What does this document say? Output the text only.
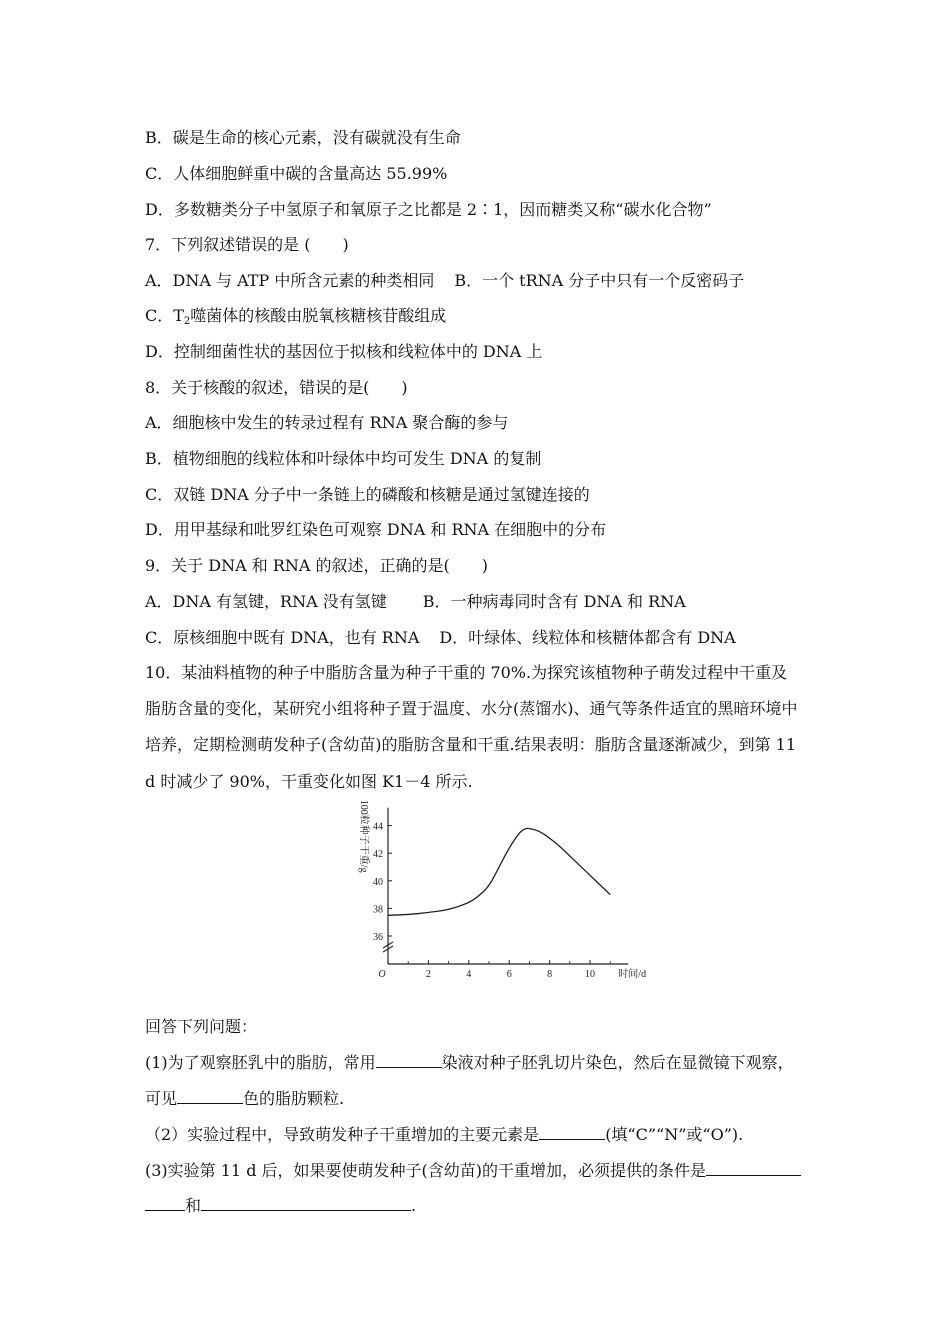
B．碳是生命的核心元素，没有碳就没有生命
C．人体细胞鲜重中碳的含量高达 55.99%
D．多数糖类分子中氢原子和氧原子之比都是 2∶1，因而糖类又称“碳水化合物”
7．下列叙述错误的是 (　　)
A．DNA 与 ATP 中所含元素的种类相同 B．一个 tRNA 分子中只有一个反密码子
C．$T_2$噬菌体的核酸由脱氧核糖核苷酸组成
D．控制细菌性状的基因位于拟核和线粒体中的 DNA 上
8．关于核酸的叙述，错误的是(　　)
A．细胞核中发生的转录过程有 RNA 聚合酶的参与
B．植物细胞的线粒体和叶绿体中均可发生 DNA 的复制
C．双链 DNA 分子中一条链上的磷酸和核糖是通过氢键连接的
D．用甲基绿和吡罗红染色可观察 DNA 和 RNA 在细胞中的分布
9．关于 DNA 和 RNA 的叙述，正确的是(　　)
A．DNA 有氢键，RNA 没有氢键 B．一种病毒同时含有 DNA 和 RNA
C．原核细胞中既有 DNA，也有 RNA D．叶绿体、线粒体和核糖体都含有 DNA
10．某油料植物的种子中脂肪含量为种子干重的 70%.为探究该植物种子萌发过程中干重及
脂肪含量的变化，某研究小组将种子置于温度、水分(蒸馏水)、通气等条件适宜的黑暗环境中
培养，定期检测萌发种子(含幼苗)的脂肪含量和干重.结果表明：脂肪含量逐渐减少，到第 11
d 时减少了 90%，干重变化如图 K1－4 所示.
2	4	6	8	10
36
38
40
42
44
O	时间/d
100粒种子干重/g
回答下列问题：
(1)为了观察胚乳中的脂肪，常用	染液对种子胚乳切片染色，然后在显微镜下观察，
可见	色的脂肪颗粒.
（2）实验过程中，导致萌发种子干重增加的主要元素是	(填“C”“N”或“O”).
(3)实验第 11 d 后，如果要使萌发种子(含幼苗)的干重增加，必须提供的条件是
和	.
